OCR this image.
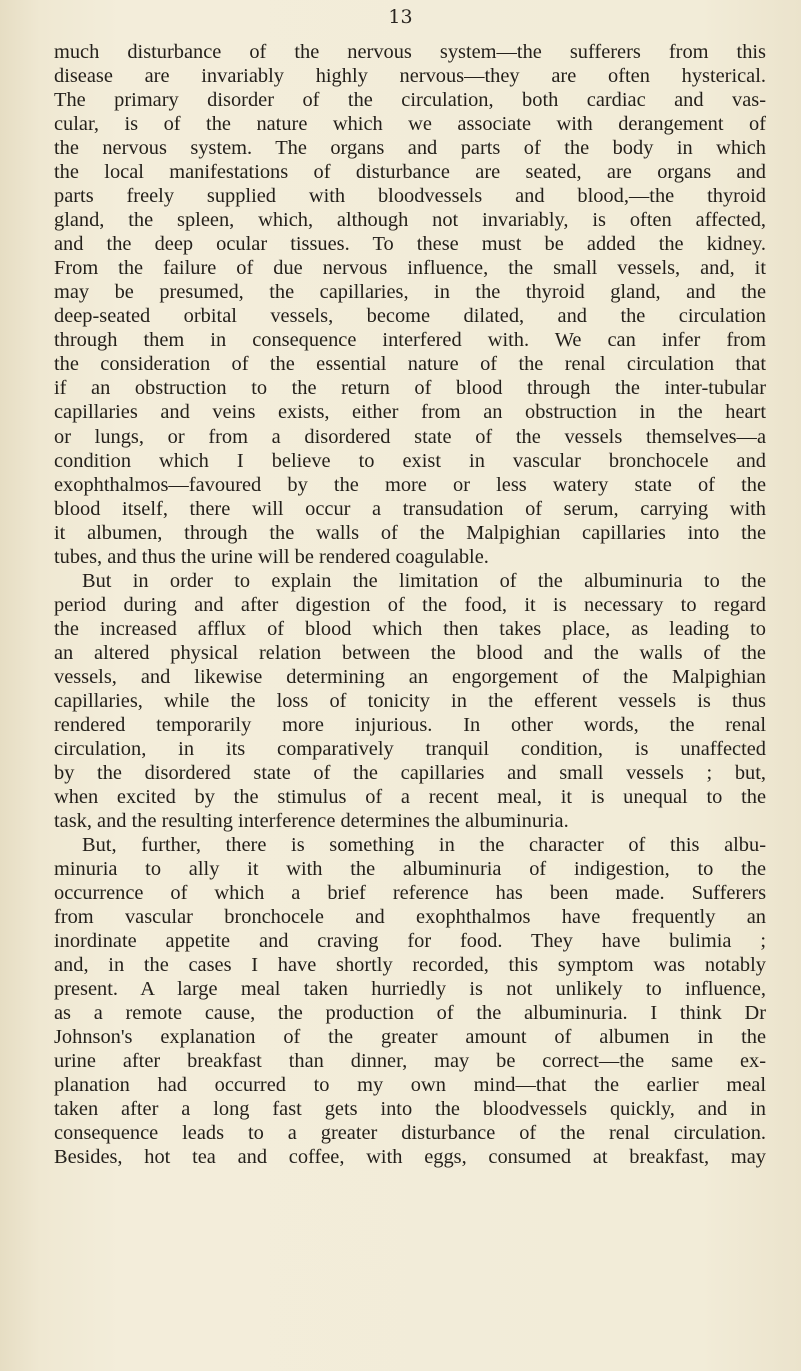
13
much disturbance of the nervous system—the sufferers from this
disease are invariably highly nervous—they are often hysterical.
The primary disorder of the circulation, both cardiac and vas-
cular, is of the nature which we associate with derangement of
the nervous system. The organs and parts of the body in which
the local manifestations of disturbance are seated, are organs and
parts freely supplied with bloodvessels and blood,—the thyroid
gland, the spleen, which, although not invariably, is often affected,
and the deep ocular tissues. To these must be added the kidney.
From the failure of due nervous influence, the small vessels, and, it
may be presumed, the capillaries, in the thyroid gland, and the
deep-seated orbital vessels, become dilated, and the circulation
through them in consequence interfered with. We can infer from
the consideration of the essential nature of the renal circulation that
if an obstruction to the return of blood through the inter-tubular
capillaries and veins exists, either from an obstruction in the heart
or lungs, or from a disordered state of the vessels themselves—a
condition which I believe to exist in vascular bronchocele and
exophthalmos—favoured by the more or less watery state of the
blood itself, there will occur a transudation of serum, carrying with
it albumen, through the walls of the Malpighian capillaries into the
tubes, and thus the urine will be rendered coagulable.
But in order to explain the limitation of the albuminuria to the
period during and after digestion of the food, it is necessary to regard
the increased afflux of blood which then takes place, as leading to
an altered physical relation between the blood and the walls of the
vessels, and likewise determining an engorgement of the Malpighian
capillaries, while the loss of tonicity in the efferent vessels is thus
rendered temporarily more injurious. In other words, the renal
circulation, in its comparatively tranquil condition, is unaffected
by the disordered state of the capillaries and small vessels ; but,
when excited by the stimulus of a recent meal, it is unequal to the
task, and the resulting interference determines the albuminuria.
But, further, there is something in the character of this albu-
minuria to ally it with the albuminuria of indigestion, to the
occurrence of which a brief reference has been made. Sufferers
from vascular bronchocele and exophthalmos have frequently an
inordinate appetite and craving for food. They have bulimia ;
and, in the cases I have shortly recorded, this symptom was notably
present. A large meal taken hurriedly is not unlikely to influence,
as a remote cause, the production of the albuminuria. I think Dr
Johnson's explanation of the greater amount of albumen in the
urine after breakfast than dinner, may be correct—the same ex-
planation had occurred to my own mind—that the earlier meal
taken after a long fast gets into the bloodvessels quickly, and in
consequence leads to a greater disturbance of the renal circulation.
Besides, hot tea and coffee, with eggs, consumed at breakfast, may
